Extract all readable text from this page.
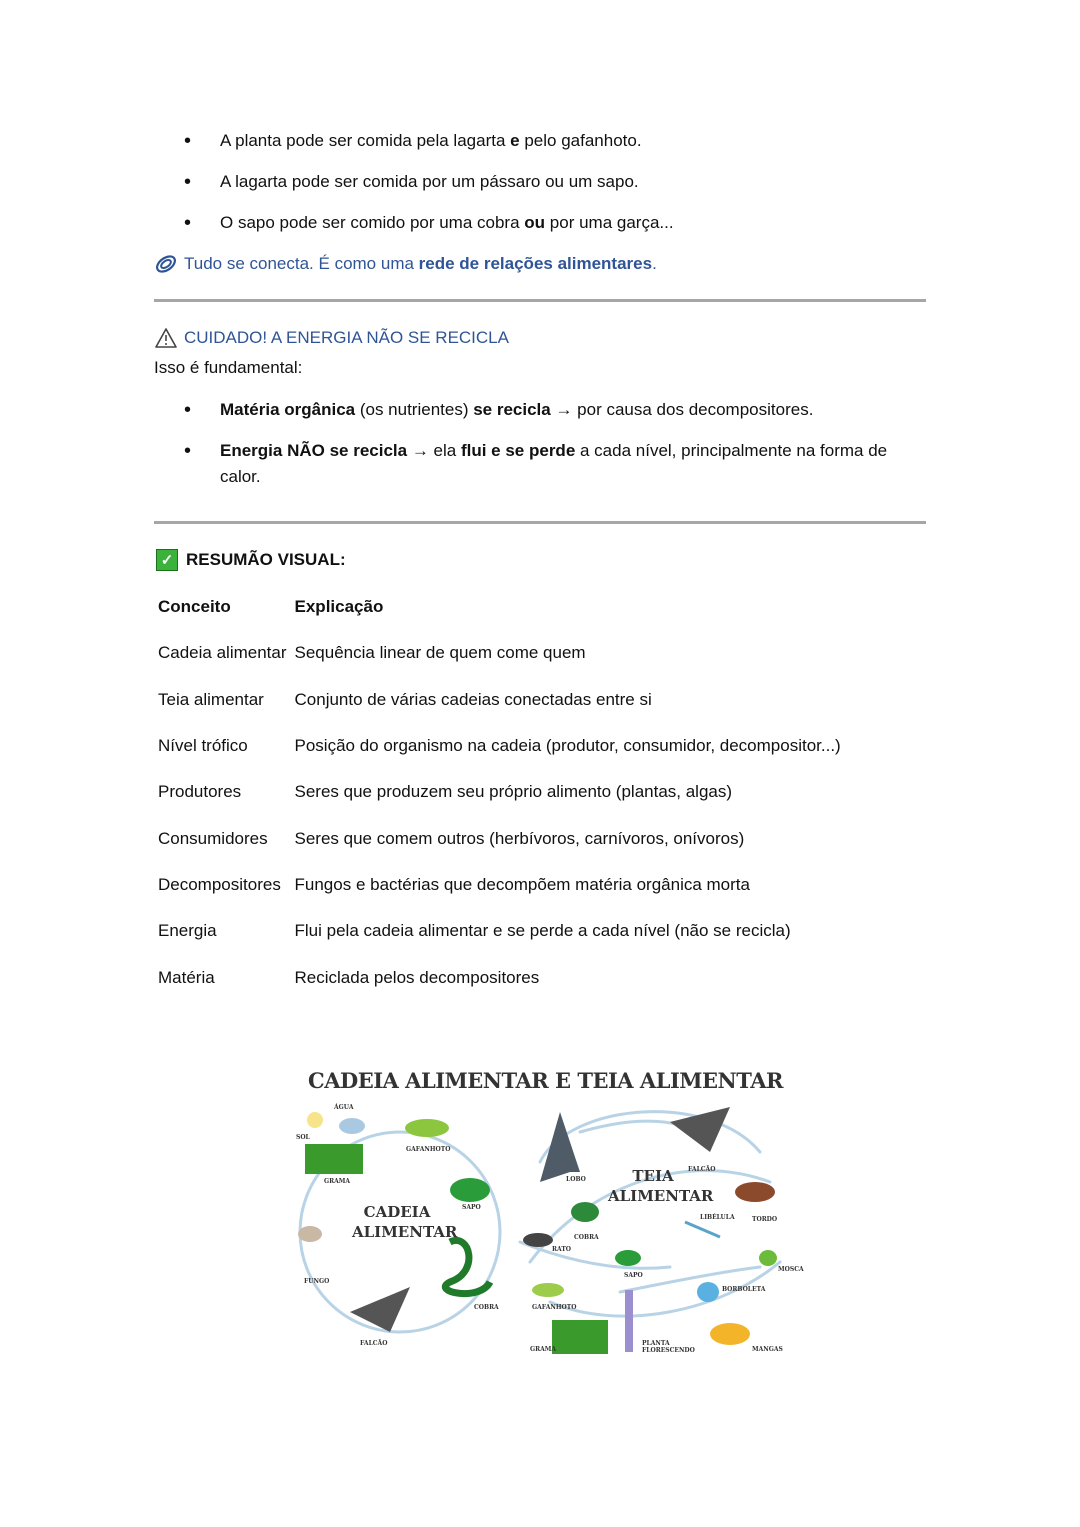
• A planta pode ser comida pela lagarta e pelo gafanhoto.
• A lagarta pode ser comida por um pássaro ou um sapo.
• O sapo pode ser comido por uma cobra ou por uma garça...
Tudo se conecta. É como uma rede de relações alimentares.
CUIDADO! A ENERGIA NÃO SE RECICLA
Isso é fundamental:
• Matéria orgânica (os nutrientes) se recicla → por causa dos decompositores.
• Energia NÃO se recicla → ela flui e se perde a cada nível, principalmente na forma de calor.
✓ RESUMÃO VISUAL:
Conceito	Explicação
Cadeia alimentar	Sequência linear de quem come quem
Teia alimentar	Conjunto de várias cadeias conectadas entre si
Nível trófico	Posição do organismo na cadeia (produtor, consumidor, decompositor...)
Produtores	Seres que produzem seu próprio alimento (plantas, algas)
Consumidores	Seres que comem outros (herbívoros, carnívoros, onívoros)
Decompositores	Fungos e bactérias que decompõem matéria orgânica morta
Energia	Flui pela cadeia alimentar e se perde a cada nível (não se recicla)
Matéria	Reciclada pelos decompositores
CADEIA ALIMENTAR E TEIA ALIMENTAR
CADEIA ALIMENTAR
TEIA ALIMENTAR
ÁGUA
SOL
GRAMA
GAFANHOTO
SAPO
COBRA
FALCÃO
FUNGO
LOBO
FALCÃO
COBRA
RATO
TORDO
LIBÉLULA
MOSCA
SAPO
GAFANHOTO
BORBOLETA
GRAMA
PLANTA FLORESCENDO	MANGAS
